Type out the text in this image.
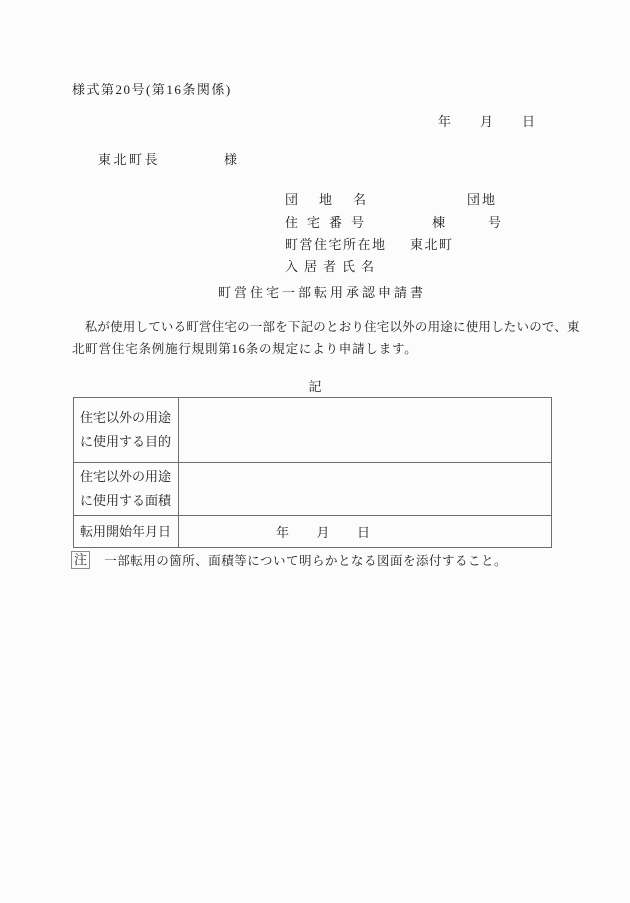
様式第20号(第16条関係)
年　　月　　日
東北町長	様
団地名	団地
住宅番号	棟	号
町営住宅所在地 東北町
入居者氏名
町営住宅一部転用承認申請書
　私が使用している町営住宅の一部を下記のとおり住宅以外の用途に使用したいので、東
北町営住宅条例施行規則第16条の規定により申請します。
記
住宅以外の用途
に使用する目的	

住宅以外の用途
に使用する面積	

転用開始年月日	年　　月　　日
注 一部転用の箇所、面積等について明らかとなる図面を添付すること。
